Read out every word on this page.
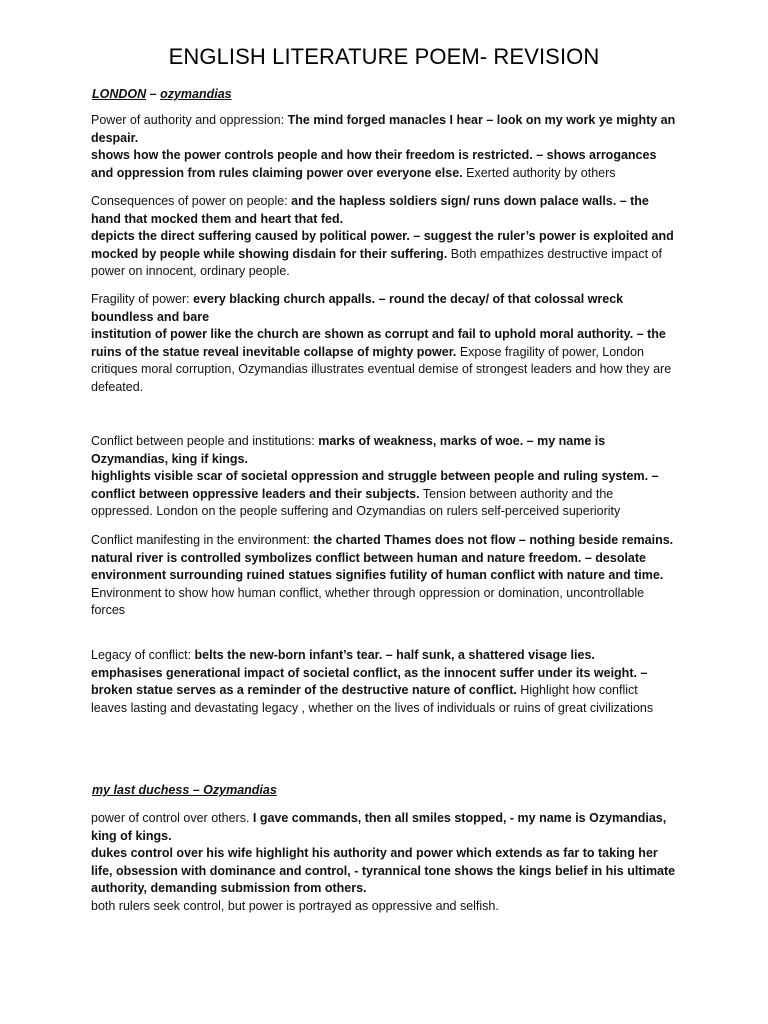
ENGLISH LITERATURE POEM- REVISION
LONDON – ozymandias
Power of authority and oppression: The mind forged manacles I hear – look on my work ye mighty an despair.
shows how the power controls people and how their freedom is restricted. – shows arrogances and oppression from rules claiming power over everyone else. Exerted authority by others
Consequences of power on people: and the hapless soldiers sign/ runs down palace walls. – the hand that mocked them and heart that fed.
depicts the direct suffering caused by political power. – suggest the ruler’s power is exploited and mocked by people while showing disdain for their suffering. Both empathizes destructive impact of power on innocent, ordinary people.
Fragility of power: every blacking church appalls. – round the decay/ of that colossal wreck boundless and bare
institution of power like the church are shown as corrupt and fail to uphold moral authority. – the ruins of the statue reveal inevitable collapse of mighty power. Expose fragility of power, London critiques moral corruption, Ozymandias illustrates eventual demise of strongest leaders and how they are defeated.
Conflict between people and institutions: marks of weakness, marks of woe. – my name is Ozymandias, king if kings.
highlights visible scar of societal oppression and struggle between people and ruling system. – conflict between oppressive leaders and their subjects. Tension between authority and the oppressed. London on the people suffering and Ozymandias on rulers self-perceived superiority
Conflict manifesting in the environment: the charted Thames does not flow – nothing beside remains.
natural river is controlled symbolizes conflict between human and nature freedom. – desolate environment surrounding ruined statues signifies futility of human conflict with nature and time.
Environment to show how human conflict, whether through oppression or domination, uncontrollable forces
Legacy of conflict: belts the new-born infant’s tear. – half sunk, a shattered visage lies.
emphasises generational impact of societal conflict, as the innocent suffer under its weight. – broken statue serves as a reminder of the destructive nature of conflict. Highlight how conflict leaves lasting and devastating legacy , whether on the lives of individuals or ruins of great civilizations
my last duchess – Ozymandias
power of control over others. I gave commands, then all smiles stopped, - my name is Ozymandias, king of kings.
dukes control over his wife highlight his authority and power which extends as far to taking her life, obsession with dominance and control, - tyrannical tone shows the kings belief in his ultimate authority, demanding submission from others.
both rulers seek control, but power is portrayed as oppressive and selfish.
